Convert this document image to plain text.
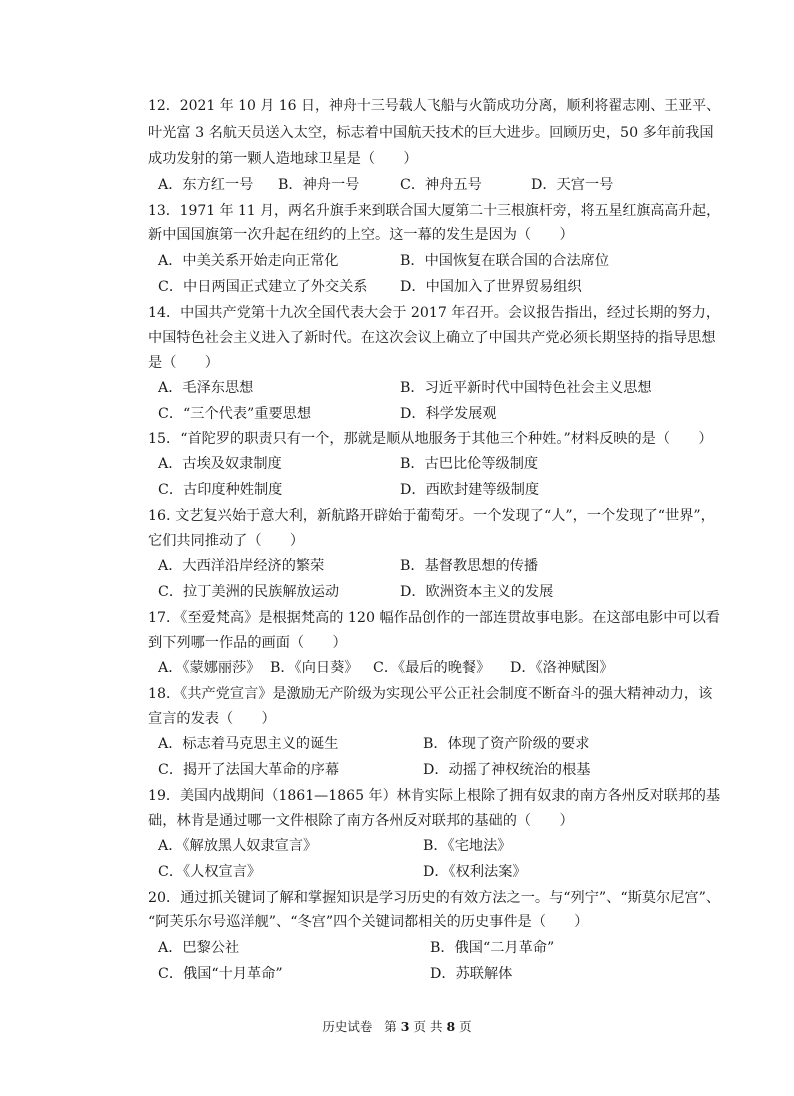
12．2021 年 10 月 16 日，神舟十三号载人飞船与火箭成功分离，顺利将翟志刚、王亚平、
叶光富 3 名航天员送入太空，标志着中国航天技术的巨大进步。回顾历史，50 多年前我国
成功发射的第一颗人造地球卫星是（　　）
A．东方红一号 B．神舟一号	C．神舟五号	D．天宫一号
13．1971 年 11 月，两名升旗手来到联合国大厦第二十三根旗杆旁，将五星红旗高高升起，
新中国国旗第一次升起在纽约的上空。这一幕的发生是因为（　　）
A．中美关系开始走向正常化	B．中国恢复在联合国的合法席位
C．中日两国正式建立了外交关系 D．中国加入了世界贸易组织
14．中国共产党第十九次全国代表大会于 2017 年召开。会议报告指出，经过长期的努力，
中国特色社会主义进入了新时代。在这次会议上确立了中国共产党必须长期坚持的指导思想
是（　　）
A．毛泽东思想	B．习近平新时代中国特色社会主义思想
C．“三个代表”重要思想	D．科学发展观
15．“首陀罗的职责只有一个，那就是顺从地服务于其他三个种姓。”材料反映的是（　　）
A．古埃及奴隶制度	B．古巴比伦等级制度
C．古印度种姓制度	D．西欧封建等级制度
16. 文艺复兴始于意大利，新航路开辟始于葡萄牙。一个发现了“人”，一个发现了“世界”，
它们共同推动了（　　）
A．大西洋沿岸经济的繁荣	B．基督教思想的传播
C．拉丁美洲的民族解放运动	D．欧洲资本主义的发展
17．《至爱梵高》是根据梵高的 120 幅作品创作的一部连贯故事电影。在这部电影中可以看
到下列哪一作品的画面（　　）
A．《蒙娜丽莎》 B．《向日葵》 C．《最后的晚餐》 D．《洛神赋图》
18．《共产党宣言》是激励无产阶级为实现公平公正社会制度不断奋斗的强大精神动力，该
宣言的发表（　　）
A．标志着马克思主义的诞生	B．体现了资产阶级的要求
C．揭开了法国大革命的序幕	D．动摇了神权统治的根基
19．美国内战期间（1861—1865 年）林肯实际上根除了拥有奴隶的南方各州反对联邦的基
础，林肯是通过哪一文件根除了南方各州反对联邦的基础的（　　）
A．《解放黑人奴隶宣言》	B．《宅地法》
C．《人权宣言》	D．《权利法案》
20．通过抓关键词了解和掌握知识是学习历史的有效方法之一。与“列宁”、“斯莫尔尼宫”、
“阿芙乐尔号巡洋舰”、“冬宫”四个关键词都相关的历史事件是（　　）
A．巴黎公社	B．俄国“二月革命”
C．俄国“十月革命”	D．苏联解体
历史试卷 第 3 页 共 8 页
